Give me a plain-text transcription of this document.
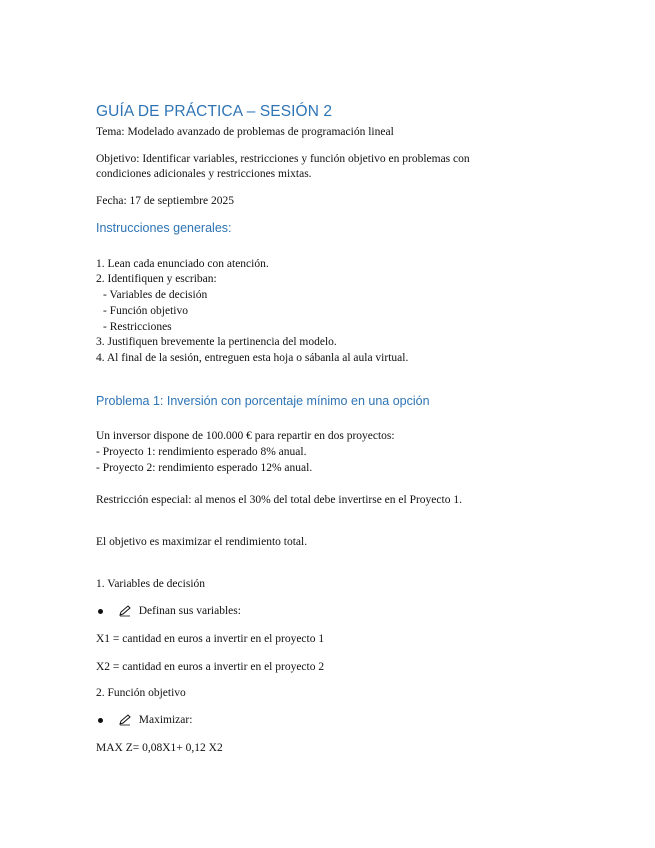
GUÍA DE PRÁCTICA – SESIÓN 2
Tema: Modelado avanzado de problemas de programación lineal
Objetivo: Identificar variables, restricciones y función objetivo en problemas con
condiciones adicionales y restricciones mixtas.
Fecha: 17 de septiembre 2025
Instrucciones generales:
1. Lean cada enunciado con atención.
2. Identifiquen y escriban:
- Variables de decisión
- Función objetivo
- Restricciones
3. Justifiquen brevemente la pertinencia del modelo.
4. Al final de la sesión, entreguen esta hoja o sábanla al aula virtual.
Problema 1: Inversión con porcentaje mínimo en una opción
Un inversor dispone de 100.000 € para repartir en dos proyectos:
- Proyecto 1: rendimiento esperado 8% anual.
- Proyecto 2: rendimiento esperado 12% anual.
Restricción especial: al menos el 30% del total debe invertirse en el Proyecto 1.
El objetivo es maximizar el rendimiento total.
1. Variables de decisión
Definan sus variables:
X1 = cantidad en euros a invertir en el proyecto 1
X2 = cantidad en euros a invertir en el proyecto 2
2. Función objetivo
Maximizar:
MAX Z= 0,08X1+ 0,12 X2
